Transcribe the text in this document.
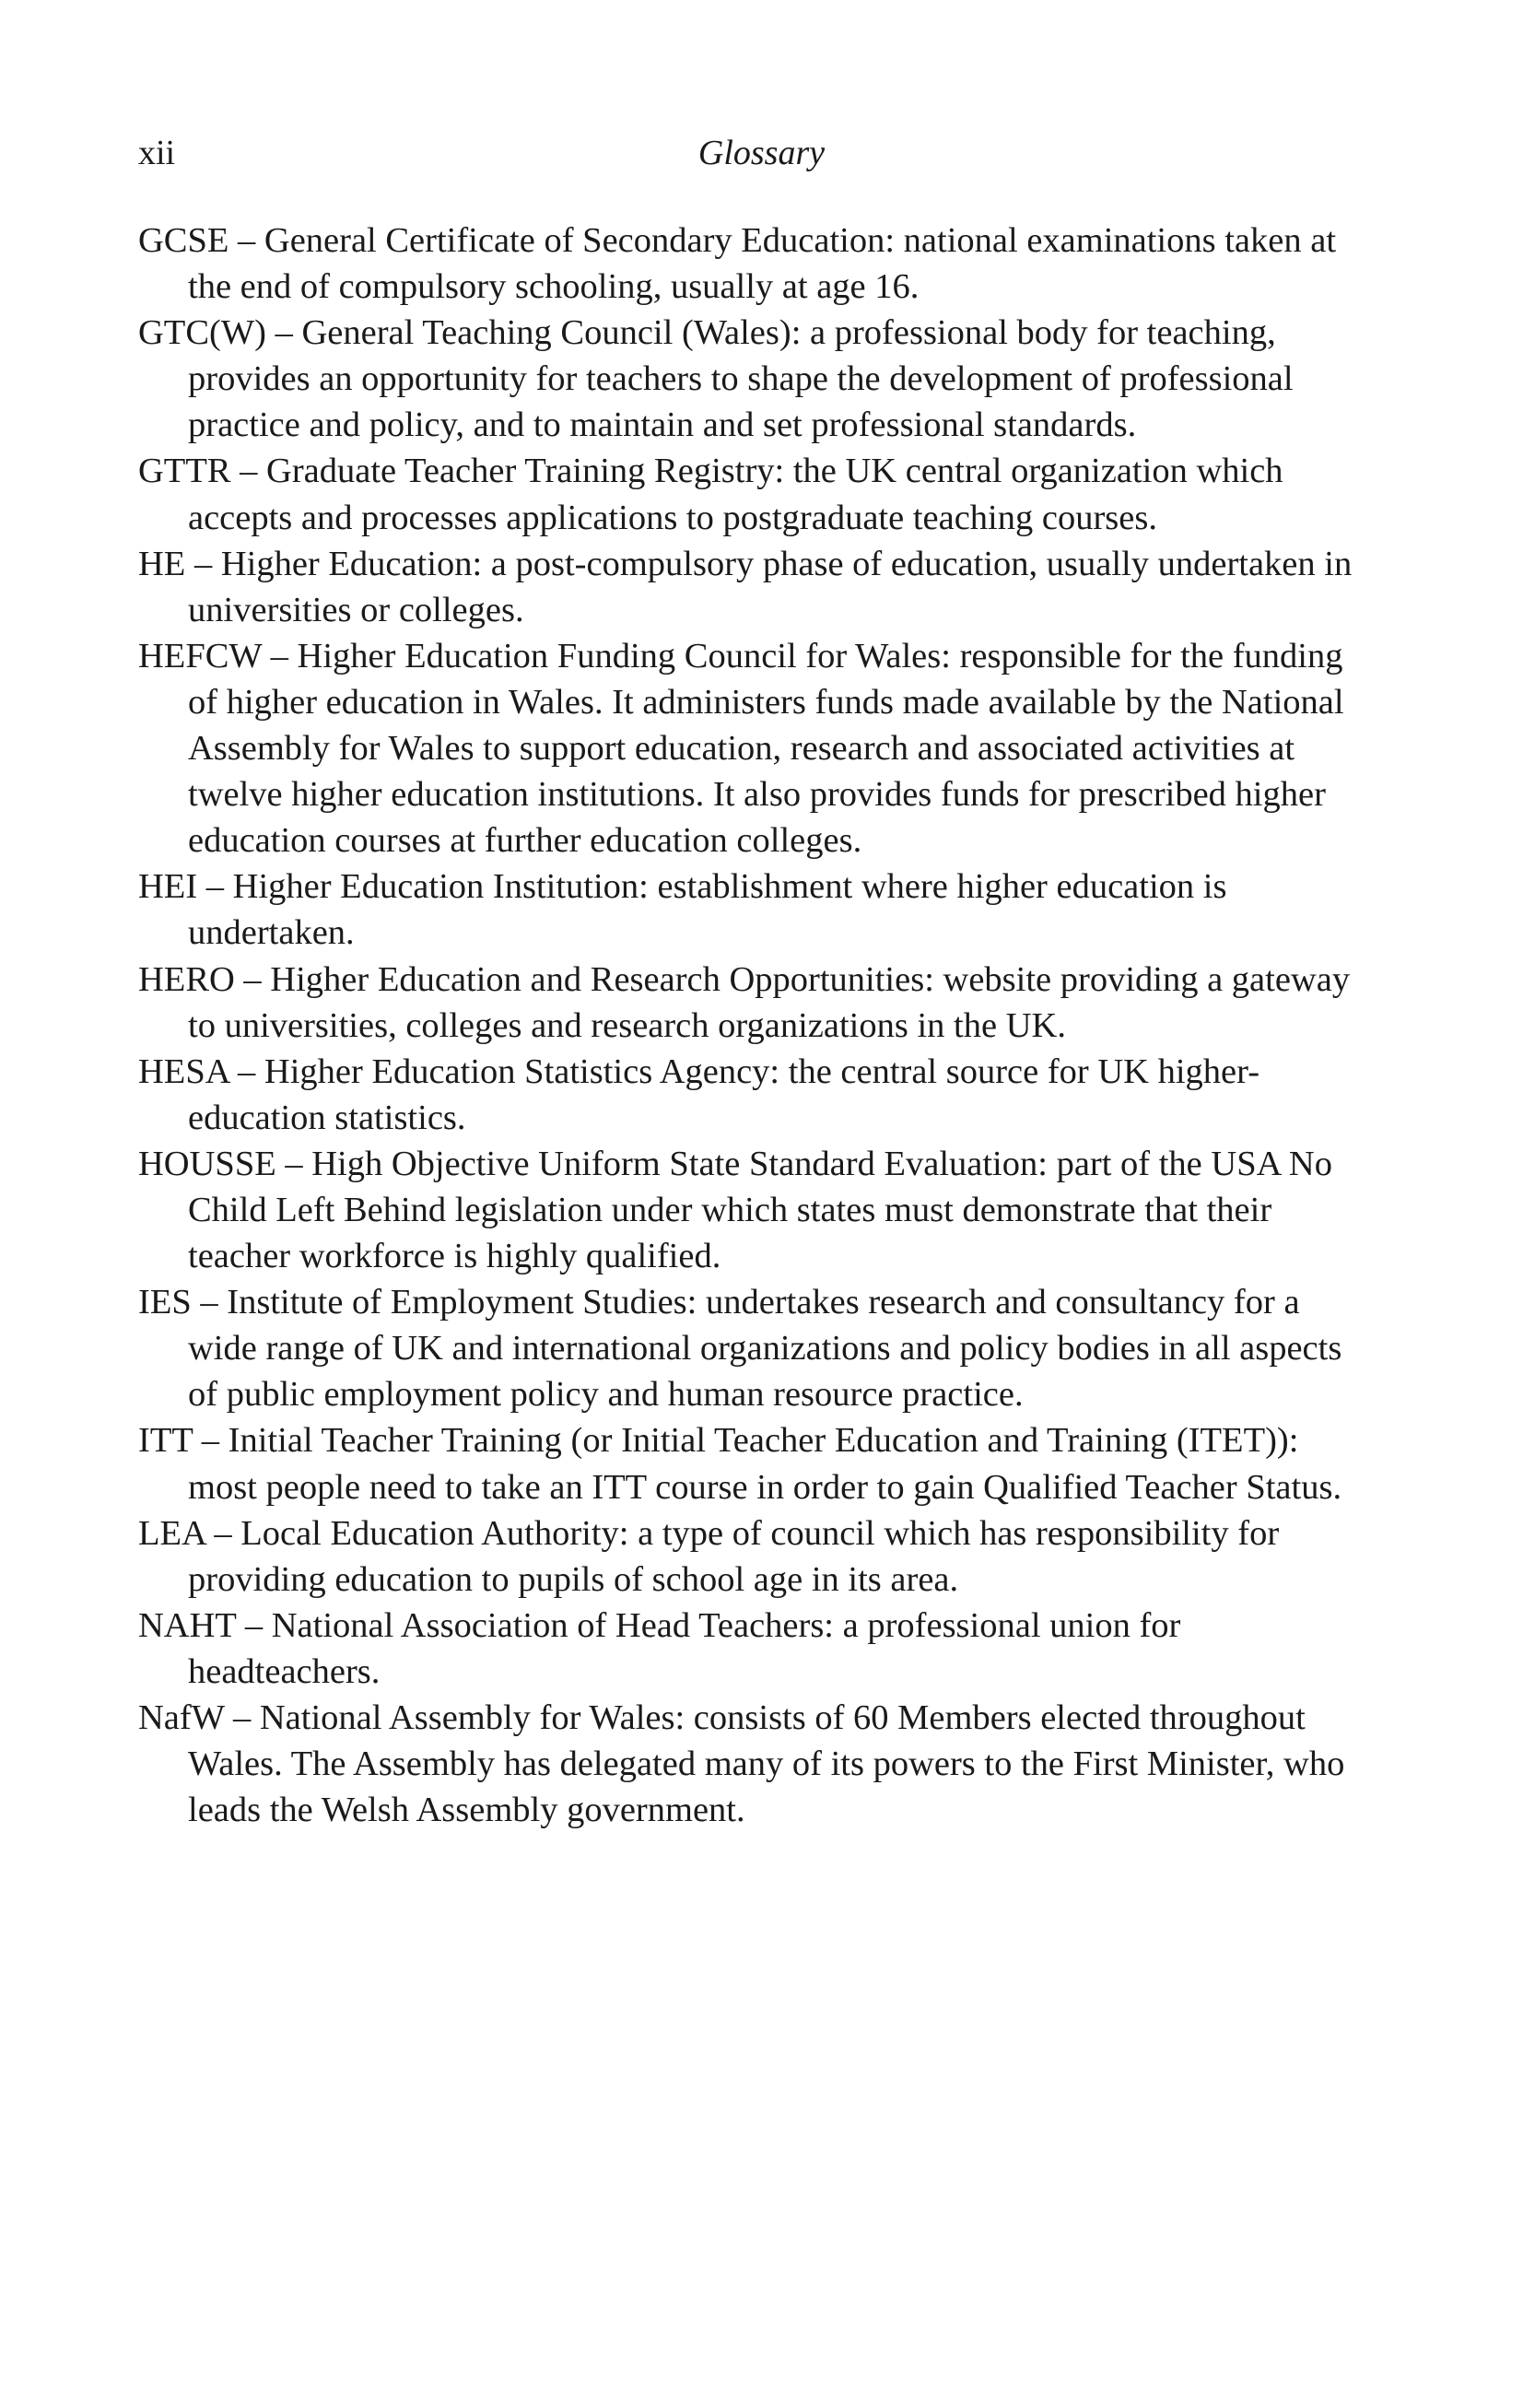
xii	Glossary
GCSE – General Certificate of Secondary Education: national examinations taken at the end of compulsory schooling, usually at age 16.
GTC(W) – General Teaching Council (Wales): a professional body for teaching, provides an opportunity for teachers to shape the development of professional practice and policy, and to maintain and set professional standards.
GTTR – Graduate Teacher Training Registry: the UK central organization which accepts and processes applications to postgraduate teaching courses.
HE – Higher Education: a post-compulsory phase of education, usually undertaken in universities or colleges.
HEFCW – Higher Education Funding Council for Wales: responsible for the funding of higher education in Wales. It administers funds made available by the National Assembly for Wales to support education, research and associated activities at twelve higher education institutions. It also provides funds for prescribed higher education courses at further education colleges.
HEI – Higher Education Institution: establishment where higher education is undertaken.
HERO – Higher Education and Research Opportunities: website providing a gateway to universities, colleges and research organizations in the UK.
HESA – Higher Education Statistics Agency: the central source for UK higher-education statistics.
HOUSSE – High Objective Uniform State Standard Evaluation: part of the USA No Child Left Behind legislation under which states must demonstrate that their teacher workforce is highly qualified.
IES – Institute of Employment Studies: undertakes research and consultancy for a wide range of UK and international organizations and policy bodies in all aspects of public employment policy and human resource practice.
ITT – Initial Teacher Training (or Initial Teacher Education and Training (ITET)): most people need to take an ITT course in order to gain Qualified Teacher Status.
LEA – Local Education Authority: a type of council which has responsibility for providing education to pupils of school age in its area.
NAHT – National Association of Head Teachers: a professional union for headteachers.
NafW – National Assembly for Wales: consists of 60 Members elected throughout Wales. The Assembly has delegated many of its powers to the First Minister, who leads the Welsh Assembly government.
